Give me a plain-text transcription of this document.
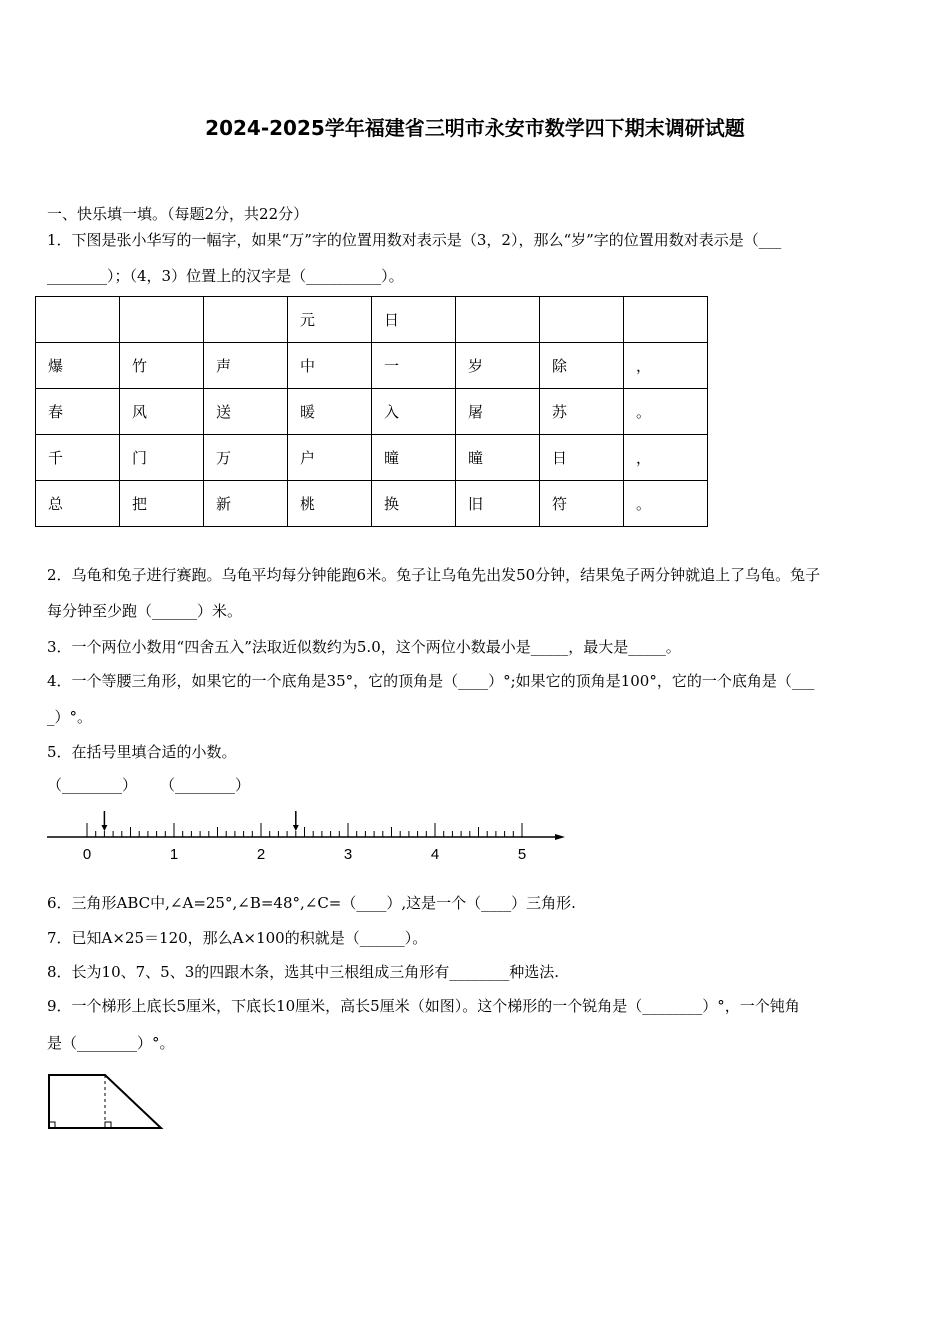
2024-2025学年福建省三明市永安市数学四下期末调研试题
一、快乐填一填。（每题2分，共22分）
1．下图是张小华写的一幅字，如果“万”字的位置用数对表示是（3，2），那么“岁”字的位置用数对表示是（___
________）；（4，3）位置上的汉字是（__________）。
			元	日			
爆	竹	声	中	一	岁	除	，
春	风	送	暖	入	屠	苏	。
千	门	万	户	曈	曈	日	，
总	把	新	桃	换	旧	符	。
2．乌龟和兔子进行赛跑。乌龟平均每分钟能跑6米。兔子让乌龟先出发50分钟，结果兔子两分钟就追上了乌龟。兔子
每分钟至少跑（______）米。
3．一个两位小数用“四舍五入”法取近似数约为5.0，这个两位小数最小是_____，最大是_____。
4．一个等腰三角形，如果它的一个底角是35°，它的顶角是（____）°;如果它的顶角是100°，它的一个底角是（___
_）°。
5．在括号里填合适的小数。
（________） （________）
0	1	2	3	4	5
6．三角形ABC中,∠A=25°,∠B=48°,∠C=（____）,这是一个（____）三角形.
7．已知A×25＝120，那么A×100的积就是（______）。
8．长为10、7、5、3的四跟木条，选其中三根组成三角形有________种选法.
9．一个梯形上底长5厘米，下底长10厘米，高长5厘米（如图）。这个梯形的一个锐角是（________）°，一个钝角
是（________）°。
